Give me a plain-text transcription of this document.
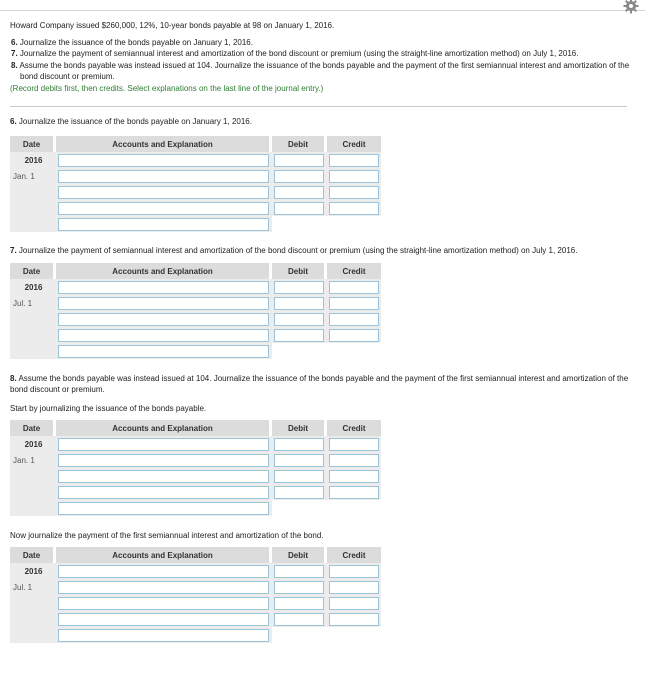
Howard Company issued $260,000, 12%, 10-year bonds payable at 98 on January 1, 2016.

6. Journalize the issuance of the bonds payable on January 1, 2016.

7. Journalize the payment of semiannual interest and amortization of the bond discount or premium (using the straight-line amortization method) on July 1, 2016.

8. Assume the bonds payable was instead issued at 104. Journalize the issuance of the bonds payable and the payment of the first semiannual interest and amortization of the bond discount or premium.

(Record debits first, then credits. Select explanations on the last line of the journal entry.)

6. Journalize the issuance of the bonds payable on January 1, 2016.
Date	Accounts and Explanation	Debit	Credit
2016	

Jan. 1	

7. Journalize the payment of semiannual interest and amortization of the bond discount or premium (using the straight-line amortization method) on July 1, 2016.
Date	Accounts and Explanation	Debit	Credit
2016	

Jul. 1	

8. Assume the bonds payable was instead issued at 104. Journalize the issuance of the bonds payable and the payment of the first semiannual interest and amortization of the bond discount or premium.
Start by journalizing the issuance of the bonds payable.
Date	Accounts and Explanation	Debit	Credit
2016	

Jan. 1	

Now journalize the payment of the first semiannual interest and amortization of the bond.
Date	Accounts and Explanation	Debit	Credit
2016	

Jul. 1	
